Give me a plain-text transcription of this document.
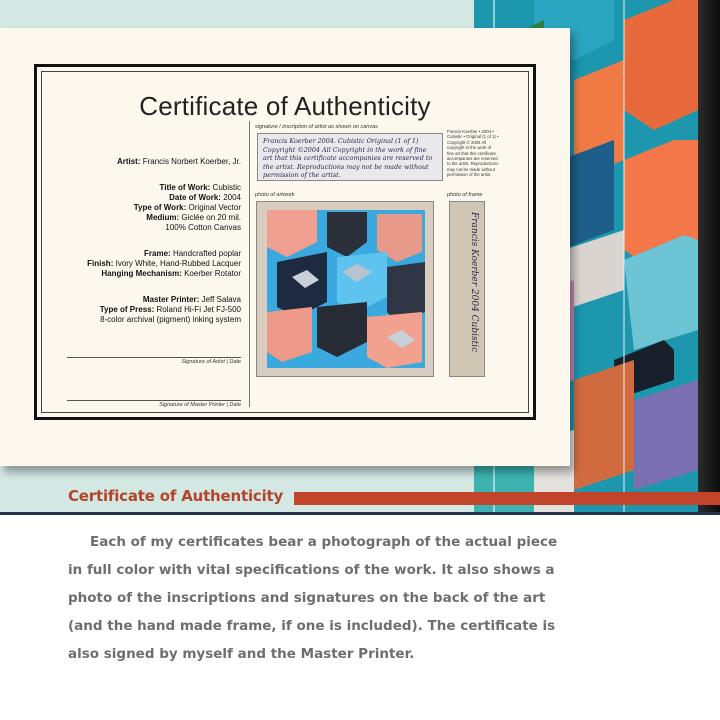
Certificate of Authenticity
Artist: Francis Norbert Koerber, Jr.
Title of Work: Cubistic
Date of Work: 2004
Type of Work: Original Vector
Medium: Giclée on 20 mil.
100% Cotton Canvas
Frame: Handcrafted poplar
Finish: Ivory White, Hand-Rubbed Lacquer
Hanging Mechanism: Koerber Rotator
Master Printer: Jeff Salava
Type of Press: Roland Hi-Fi Jet FJ-500
8-color archival (pigment) inking system
Signature of Artist | Date
Signature of Master Printer | Date
signature / inscription of artist as shown on canvas
Francis Koerber 2004. Cubistic Original (1 of 1) Copyright ©2004 All Copyright in the work of fine art that this certificate accompanies are reserved to the artist. Reproductions may not be made without permission of the artist.
Francis Koerber • 2004 • Cubistic • Original (1 of 1) • Copyright © 2004 All copyright in the work of fine art that this certificate accompanies are reserved to the artist. Reproductions may not be made without permission of the artist.
photo of artwork	photo of frame
Francis Koerber 2004 Cubistic
Certificate of Authenticity
Each of my certificates bear a photograph of the actual piece
in full color with vital specifications of the work. It also shows a
photo of the inscriptions and signatures on the back of the art
(and the hand made frame, if one is included). The certificate is
also signed by myself and the Master Printer.
